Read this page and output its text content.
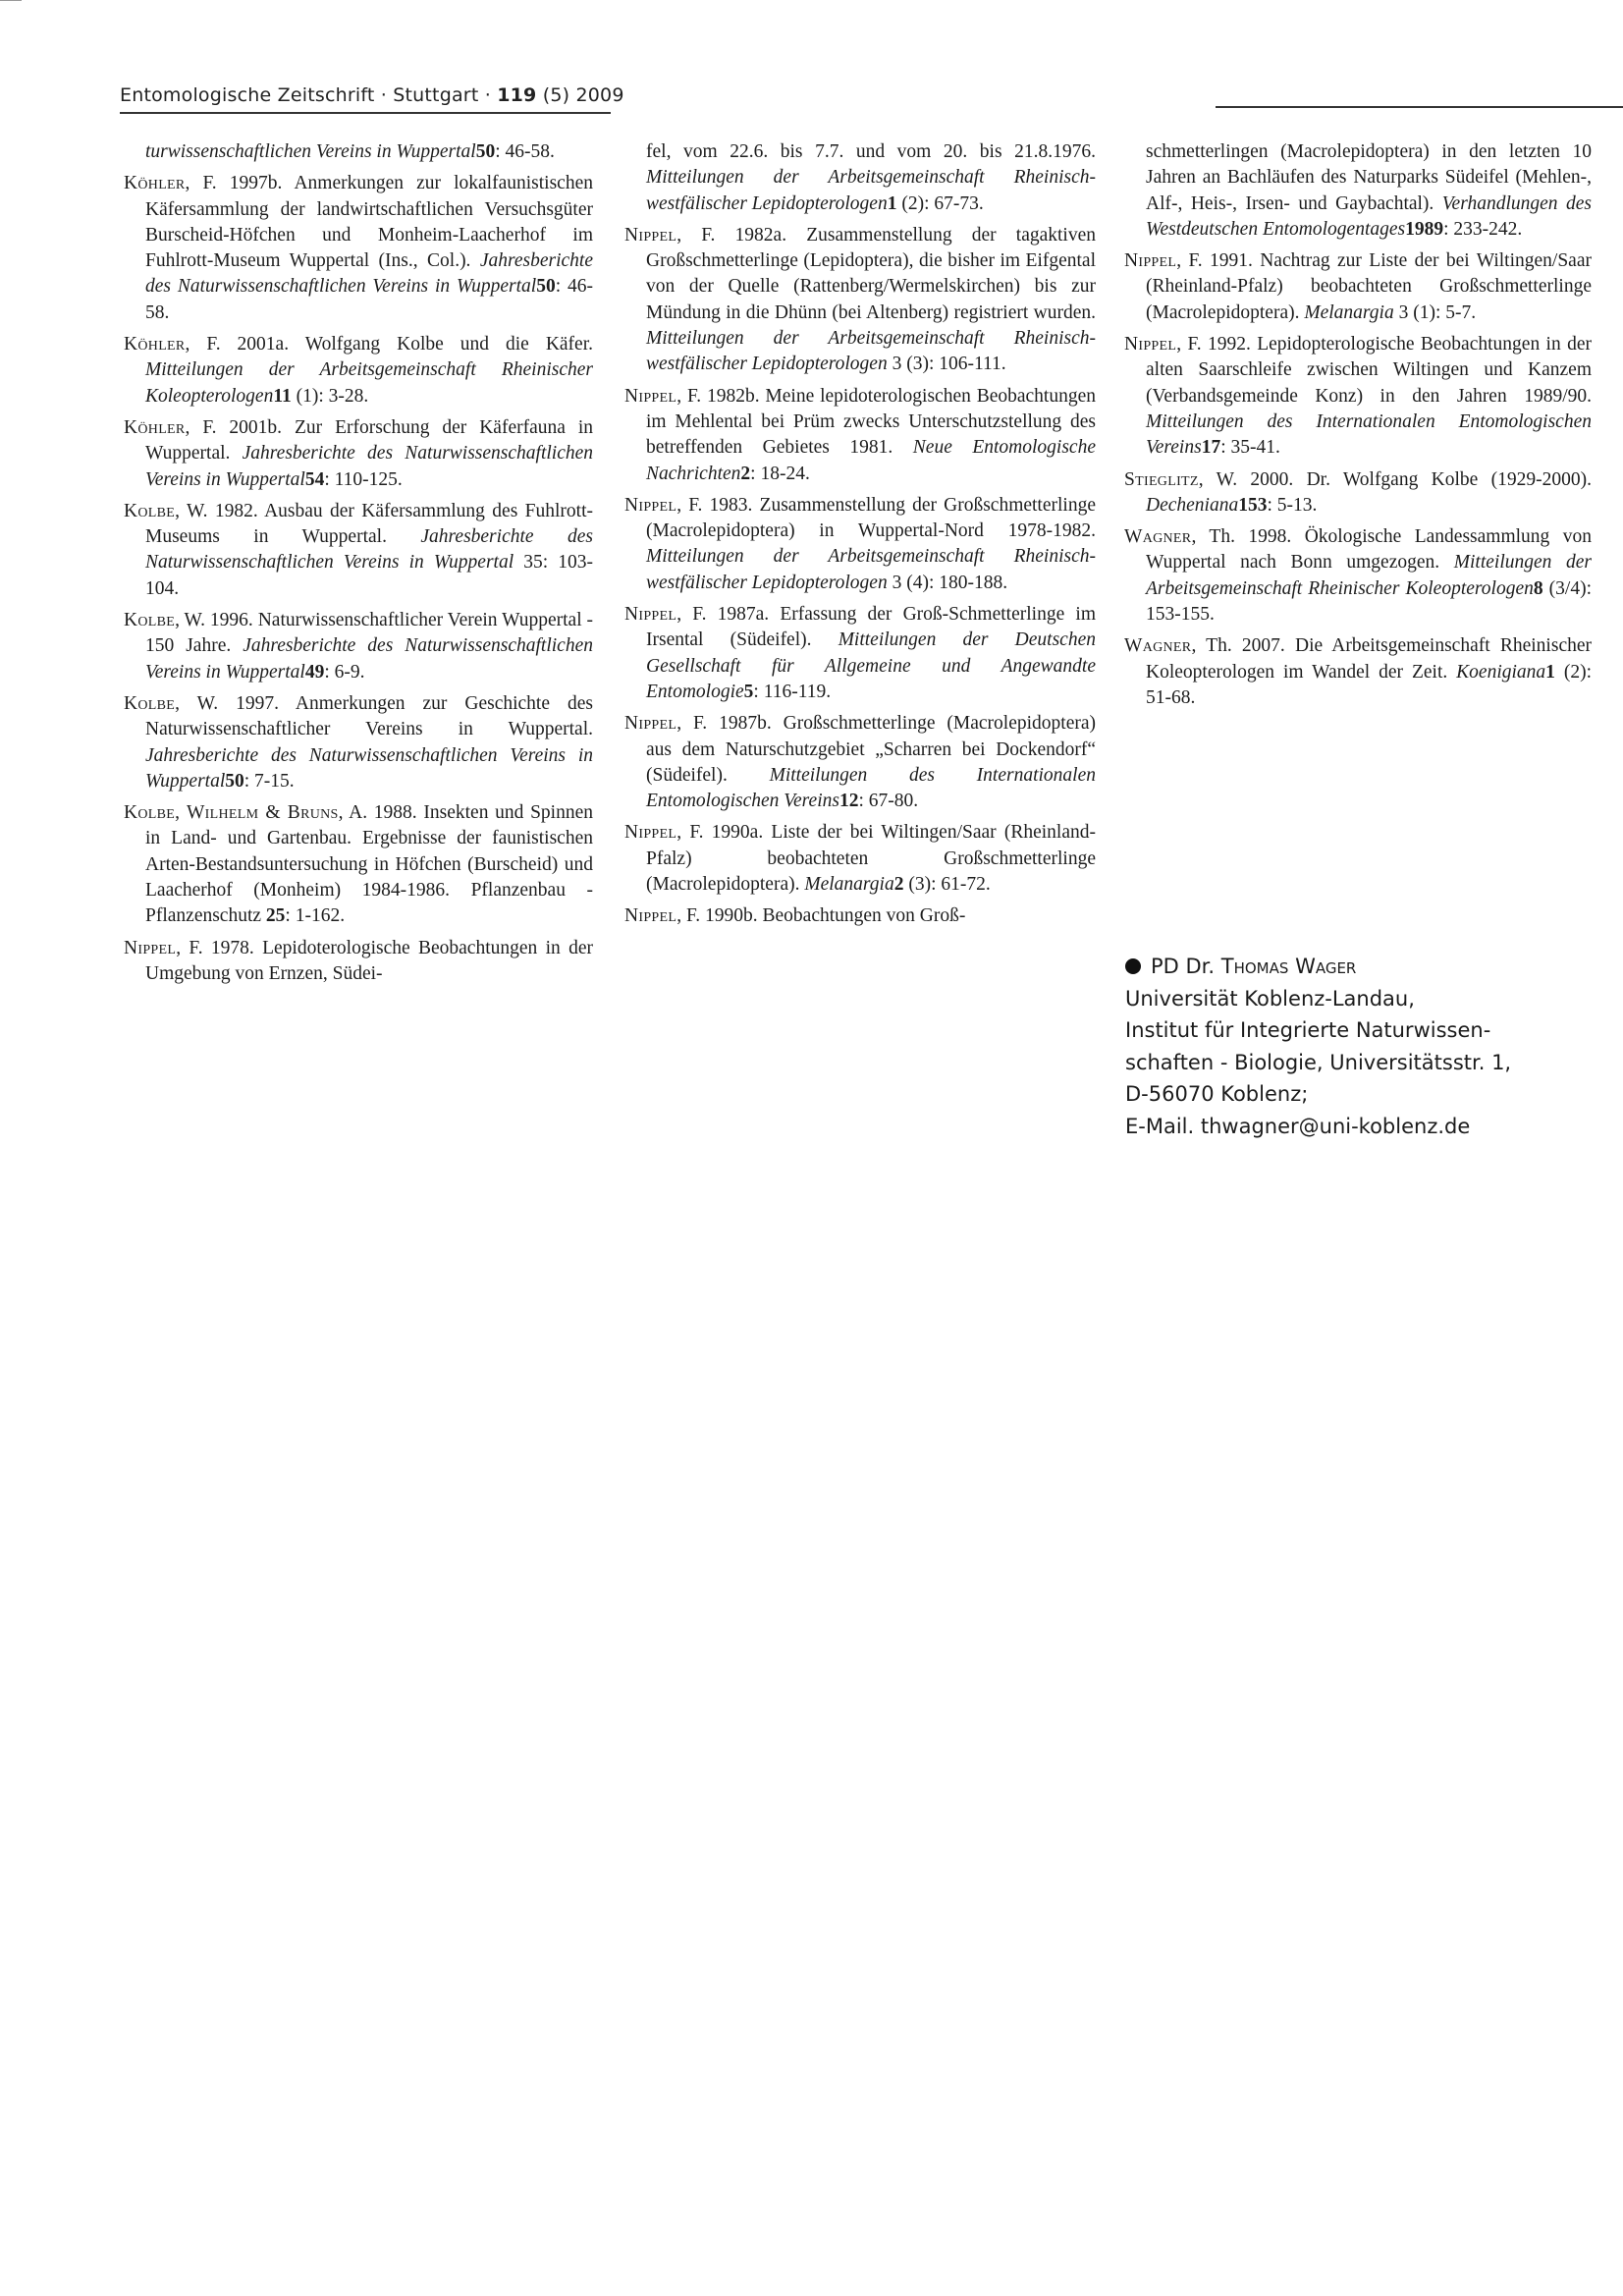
Entomologische Zeitschrift · Stuttgart · 119 (5) 2009

turwissenschaftlichen Vereins in Wuppertal50: 46-58.

Köhler, F. 1997b. Anmerkungen zur lokalfaunistischen Käfersammlung der landwirtschaftlichen Versuchsgüter Burscheid-Höfchen und Monheim-Laacherhof im Fuhlrott-Museum Wuppertal (Ins., Col.). Jahresberichte des Naturwissenschaftlichen Vereins in Wuppertal50: 46-58.

Köhler, F. 2001a. Wolfgang Kolbe und die Käfer. Mitteilungen der Arbeitsgemeinschaft Rheinischer Koleopterologen11 (1): 3-28.

Köhler, F. 2001b. Zur Erforschung der Käferfauna in Wuppertal. Jahresberichte des Naturwissenschaftlichen Vereins in Wuppertal54: 110-125.

Kolbe, W. 1982. Ausbau der Käfersammlung des Fuhlrott-Museums in Wuppertal. Jahresberichte des Naturwissenschaftlichen Vereins in Wuppertal 35: 103-104.

Kolbe, W. 1996. Naturwissenschaftlicher Verein Wuppertal - 150 Jahre. Jahresberichte des Naturwissenschaftlichen Vereins in Wuppertal49: 6-9.

Kolbe, W. 1997. Anmerkungen zur Geschichte des Naturwissenschaftlicher Vereins in Wuppertal. Jahresberichte des Naturwissenschaftlichen Vereins in Wuppertal50: 7-15.

Kolbe, Wilhelm & Bruns, A. 1988. Insekten und Spinnen in Land- und Gartenbau. Ergebnisse der faunistischen Arten-Bestandsuntersuchung in Höfchen (Burscheid) und Laacherhof (Monheim) 1984-1986. Pflanzenbau - Pflanzenschutz 25: 1-162.

Nippel, F. 1978. Lepidoterologische Beobachtungen in der Umgebung von Ernzen, Südei-

fel, vom 22.6. bis 7.7. und vom 20. bis 21.8.1976. Mitteilungen der Arbeitsgemeinschaft Rheinisch-westfälischer Lepidopterologen1 (2): 67-73.

Nippel, F. 1982a. Zusammenstellung der tagaktiven Großschmetterlinge (Lepidoptera), die bisher im Eifgental von der Quelle (Rattenberg/Wermelskirchen) bis zur Mündung in die Dhünn (bei Altenberg) registriert wurden. Mitteilungen der Arbeitsgemeinschaft Rheinisch-westfälischer Lepidopterologen 3 (3): 106-111.

Nippel, F. 1982b. Meine lepidoterologischen Beobachtungen im Mehlental bei Prüm zwecks Unterschutzstellung des betreffenden Gebietes 1981. Neue Entomologische Nachrichten2: 18-24.

Nippel, F. 1983. Zusammenstellung der Großschmetterlinge (Macrolepidoptera) in Wuppertal-Nord 1978-1982. Mitteilungen der Arbeitsgemeinschaft Rheinisch-westfälischer Lepidopterologen 3 (4): 180-188.

Nippel, F. 1987a. Erfassung der Groß-Schmetterlinge im Irsental (Südeifel). Mitteilungen der Deutschen Gesellschaft für Allgemeine und Angewandte Entomologie5: 116-119.

Nippel, F. 1987b. Großschmetterlinge (Macrolepidoptera) aus dem Naturschutzgebiet „Scharren bei Dockendorf“ (Südeifel). Mitteilungen des Internationalen Entomologischen Vereins12: 67-80.

Nippel, F. 1990a. Liste der bei Wiltingen/Saar (Rheinland-Pfalz) beobachteten Großschmetterlinge (Macrolepidoptera). Melanargia2 (3): 61-72.

Nippel, F. 1990b. Beobachtungen von Groß-

schmetterlingen (Macrolepidoptera) in den letzten 10 Jahren an Bachläufen des Naturparks Südeifel (Mehlen-, Alf-, Heis-, Irsen- und Gaybachtal). Verhandlungen des Westdeutschen Entomologentages1989: 233-242.

Nippel, F. 1991. Nachtrag zur Liste der bei Wiltingen/Saar (Rheinland-Pfalz) beobachteten Großschmetterlinge (Macrolepidoptera). Melanargia 3 (1): 5-7.

Nippel, F. 1992. Lepidopterologische Beobachtungen in der alten Saarschleife zwischen Wiltingen und Kanzem (Verbandsgemeinde Konz) in den Jahren 1989/90. Mitteilungen des Internationalen Entomologischen Vereins17: 35-41.

Stieglitz, W. 2000. Dr. Wolfgang Kolbe (1929-2000). Decheniana153: 5-13.

Wagner, Th. 1998. Ökologische Landessammlung von Wuppertal nach Bonn umgezogen. Mitteilungen der Arbeitsgemeinschaft Rheinischer Koleopterologen8 (3/4): 153-155.

Wagner, Th. 2007. Die Arbeitsgemeinschaft Rheinischer Koleopterologen im Wandel der Zeit. Koenigiana1 (2): 51-68.

PD Dr. Thomas Wager
Universität Koblenz-Landau,
Institut für Integrierte Naturwissen-
schaften - Biologie, Universitätsstr. 1,
D-56070 Koblenz;
E-Mail. thwagner@uni-koblenz.de
